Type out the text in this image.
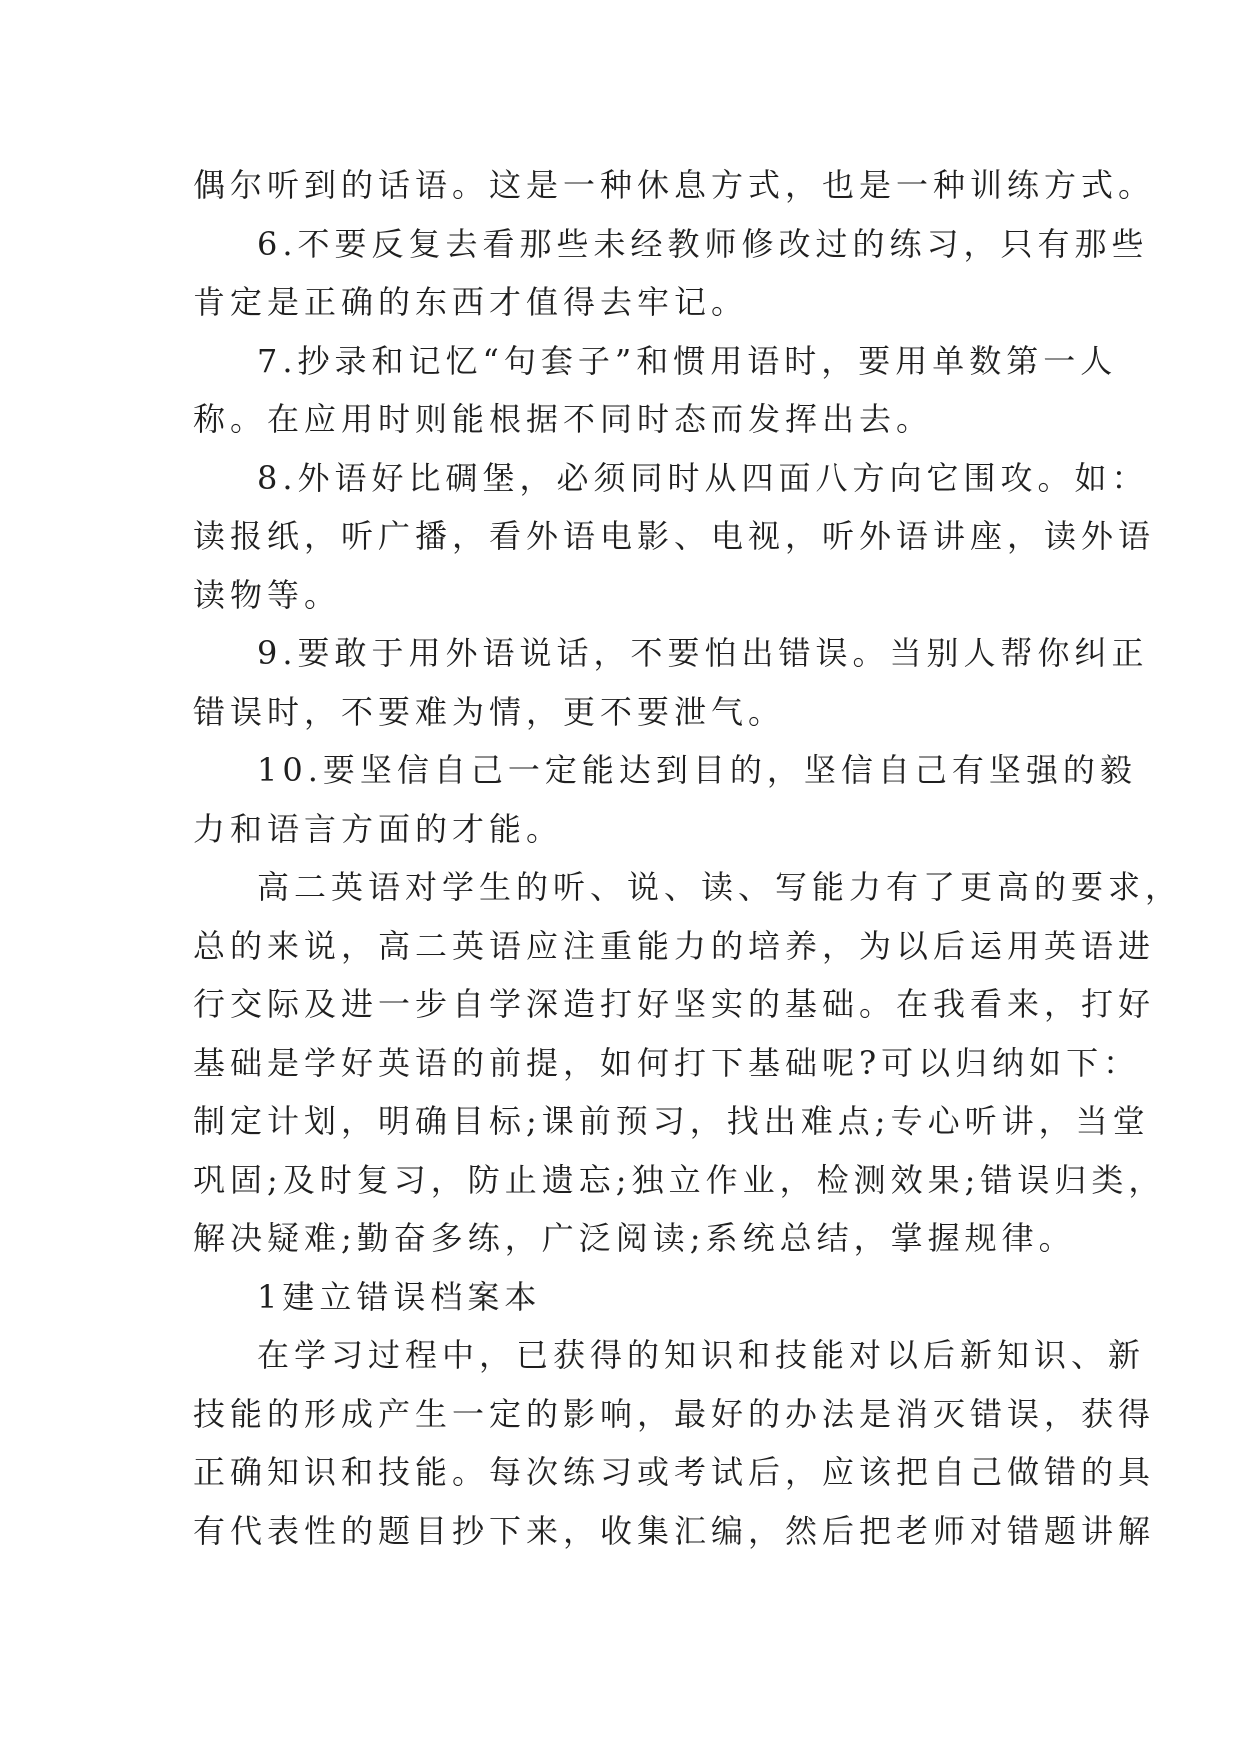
偶尔听到的话语。这是一种休息方式，也是一种训练方式。
6.不要反复去看那些未经教师修改过的练习，只有那些
肯定是正确的东西才值得去牢记。
7.抄录和记忆“句套子”和惯用语时，要用单数第一人
称。在应用时则能根据不同时态而发挥出去。
8.外语好比碉堡，必须同时从四面八方向它围攻。如：
读报纸，听广播，看外语电影、电视，听外语讲座，读外语
读物等。
9.要敢于用外语说话，不要怕出错误。当别人帮你纠正
错误时，不要难为情，更不要泄气。
10.要坚信自己一定能达到目的，坚信自己有坚强的毅
力和语言方面的才能。
高二英语对学生的听、说、读、写能力有了更高的要求，
总的来说，高二英语应注重能力的培养，为以后运用英语进
行交际及进一步自学深造打好坚实的基础。在我看来，打好
基础是学好英语的前提，如何打下基础呢?可以归纳如下：
制定计划，明确目标;课前预习，找出难点;专心听讲，当堂
巩固;及时复习，防止遗忘;独立作业，检测效果;错误归类，
解决疑难;勤奋多练，广泛阅读;系统总结，掌握规律。
1建立错误档案本
在学习过程中，已获得的知识和技能对以后新知识、新
技能的形成产生一定的影响，最好的办法是消灭错误，获得
正确知识和技能。每次练习或考试后，应该把自己做错的具
有代表性的题目抄下来，收集汇编，然后把老师对错题讲解
